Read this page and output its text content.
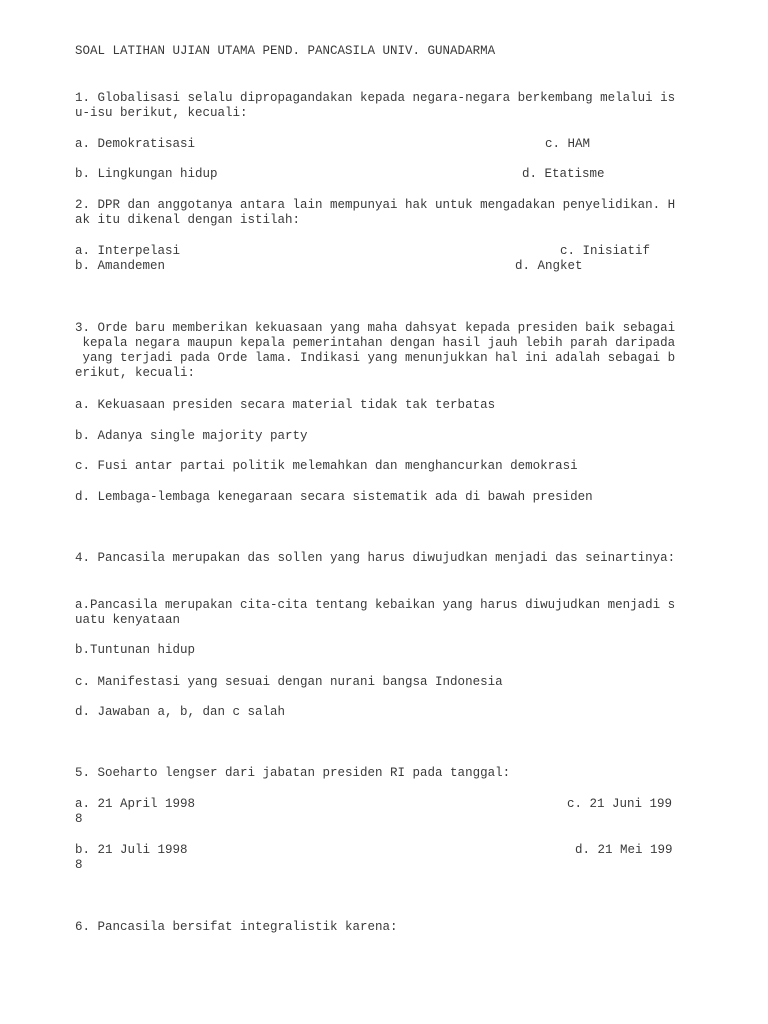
SOAL LATIHAN UJIAN UTAMA PEND. PANCASILA UNIV. GUNADARMA

1. Globalisasi selalu dipropagandakan kepada negara-negara berkembang melalui is

u-isu berikut, kecuali:

a. Demokratisasi	c. HAM

b. Lingkungan hidup	d. Etatisme

2. DPR dan anggotanya antara lain mempunyai hak untuk mengadakan penyelidikan. H

ak itu dikenal dengan istilah:

a. Interpelasi	c. Inisiatif

b. Amandemen	d. Angket

3. Orde baru memberikan kekuasaan yang maha dahsyat kepada presiden baik sebagai

kepala negara maupun kepala pemerintahan dengan hasil jauh lebih parah daripada

yang terjadi pada Orde lama. Indikasi yang menunjukkan hal ini adalah sebagai b

erikut, kecuali:

a. Kekuasaan presiden secara material tidak tak terbatas

b. Adanya single majority party

c. Fusi antar partai politik melemahkan dan menghancurkan demokrasi

d. Lembaga-lembaga kenegaraan secara sistematik ada di bawah presiden

4. Pancasila merupakan das sollen yang harus diwujudkan menjadi das seinartinya:

a.Pancasila merupakan cita-cita tentang kebaikan yang harus diwujudkan menjadi s

uatu kenyataan

b.Tuntunan hidup

c. Manifestasi yang sesuai dengan nurani bangsa Indonesia

d. Jawaban a, b, dan c salah

5. Soeharto lengser dari jabatan presiden RI pada tanggal:

a. 21 April 1998	c. 21 Juni 199

8

b. 21 Juli 1998	d. 21 Mei 199

8

6. Pancasila bersifat integralistik karena:
